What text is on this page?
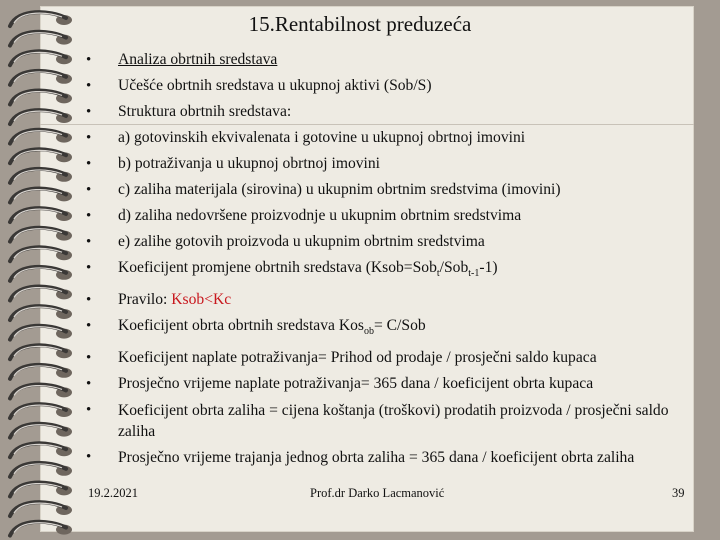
15.Rentabilnost preduzeća
• Analiza obrtnih sredstava
• Učešće obrtnih sredstava u ukupnoj aktivi (Sob/S)
• Struktura obrtnih sredstava:
• a) gotovinskih ekvivalenata i gotovine u ukupnoj obrtnoj imovini
• b) potraživanja u ukupnoj obrtnoj imovini
• c) zaliha materijala (sirovina) u ukupnim obrtnim sredstvima (imovini)
• d) zaliha nedovršene proizvodnje u ukupnim obrtnim sredstvima
• e) zalihe gotovih proizvoda u ukupnim obrtnim sredstvima
• Koeficijent promjene obrtnih sredstava (Ksob=Sob$_t$/Sob$_{t-1}$-1)
• Pravilo: Ksob<Kc
• Koeficijent obrta obrtnih sredstava Kos$_{ob}$= C/Sob
• Koeficijent naplate potraživanja= Prihod od prodaje / prosječni saldo kupaca
• Prosječno vrijeme naplate potraživanja= 365 dana / koeficijent obrta kupaca
• Koeficijent obrta zaliha = cijena koštanja (troškovi) prodatih proizvoda / prosječni saldo zaliha
• Prosječno vrijeme trajanja jednog obrta zaliha = 365 dana / koeficijent obrta zaliha
19.2.2021	Prof.dr Darko Lacmanović	39
